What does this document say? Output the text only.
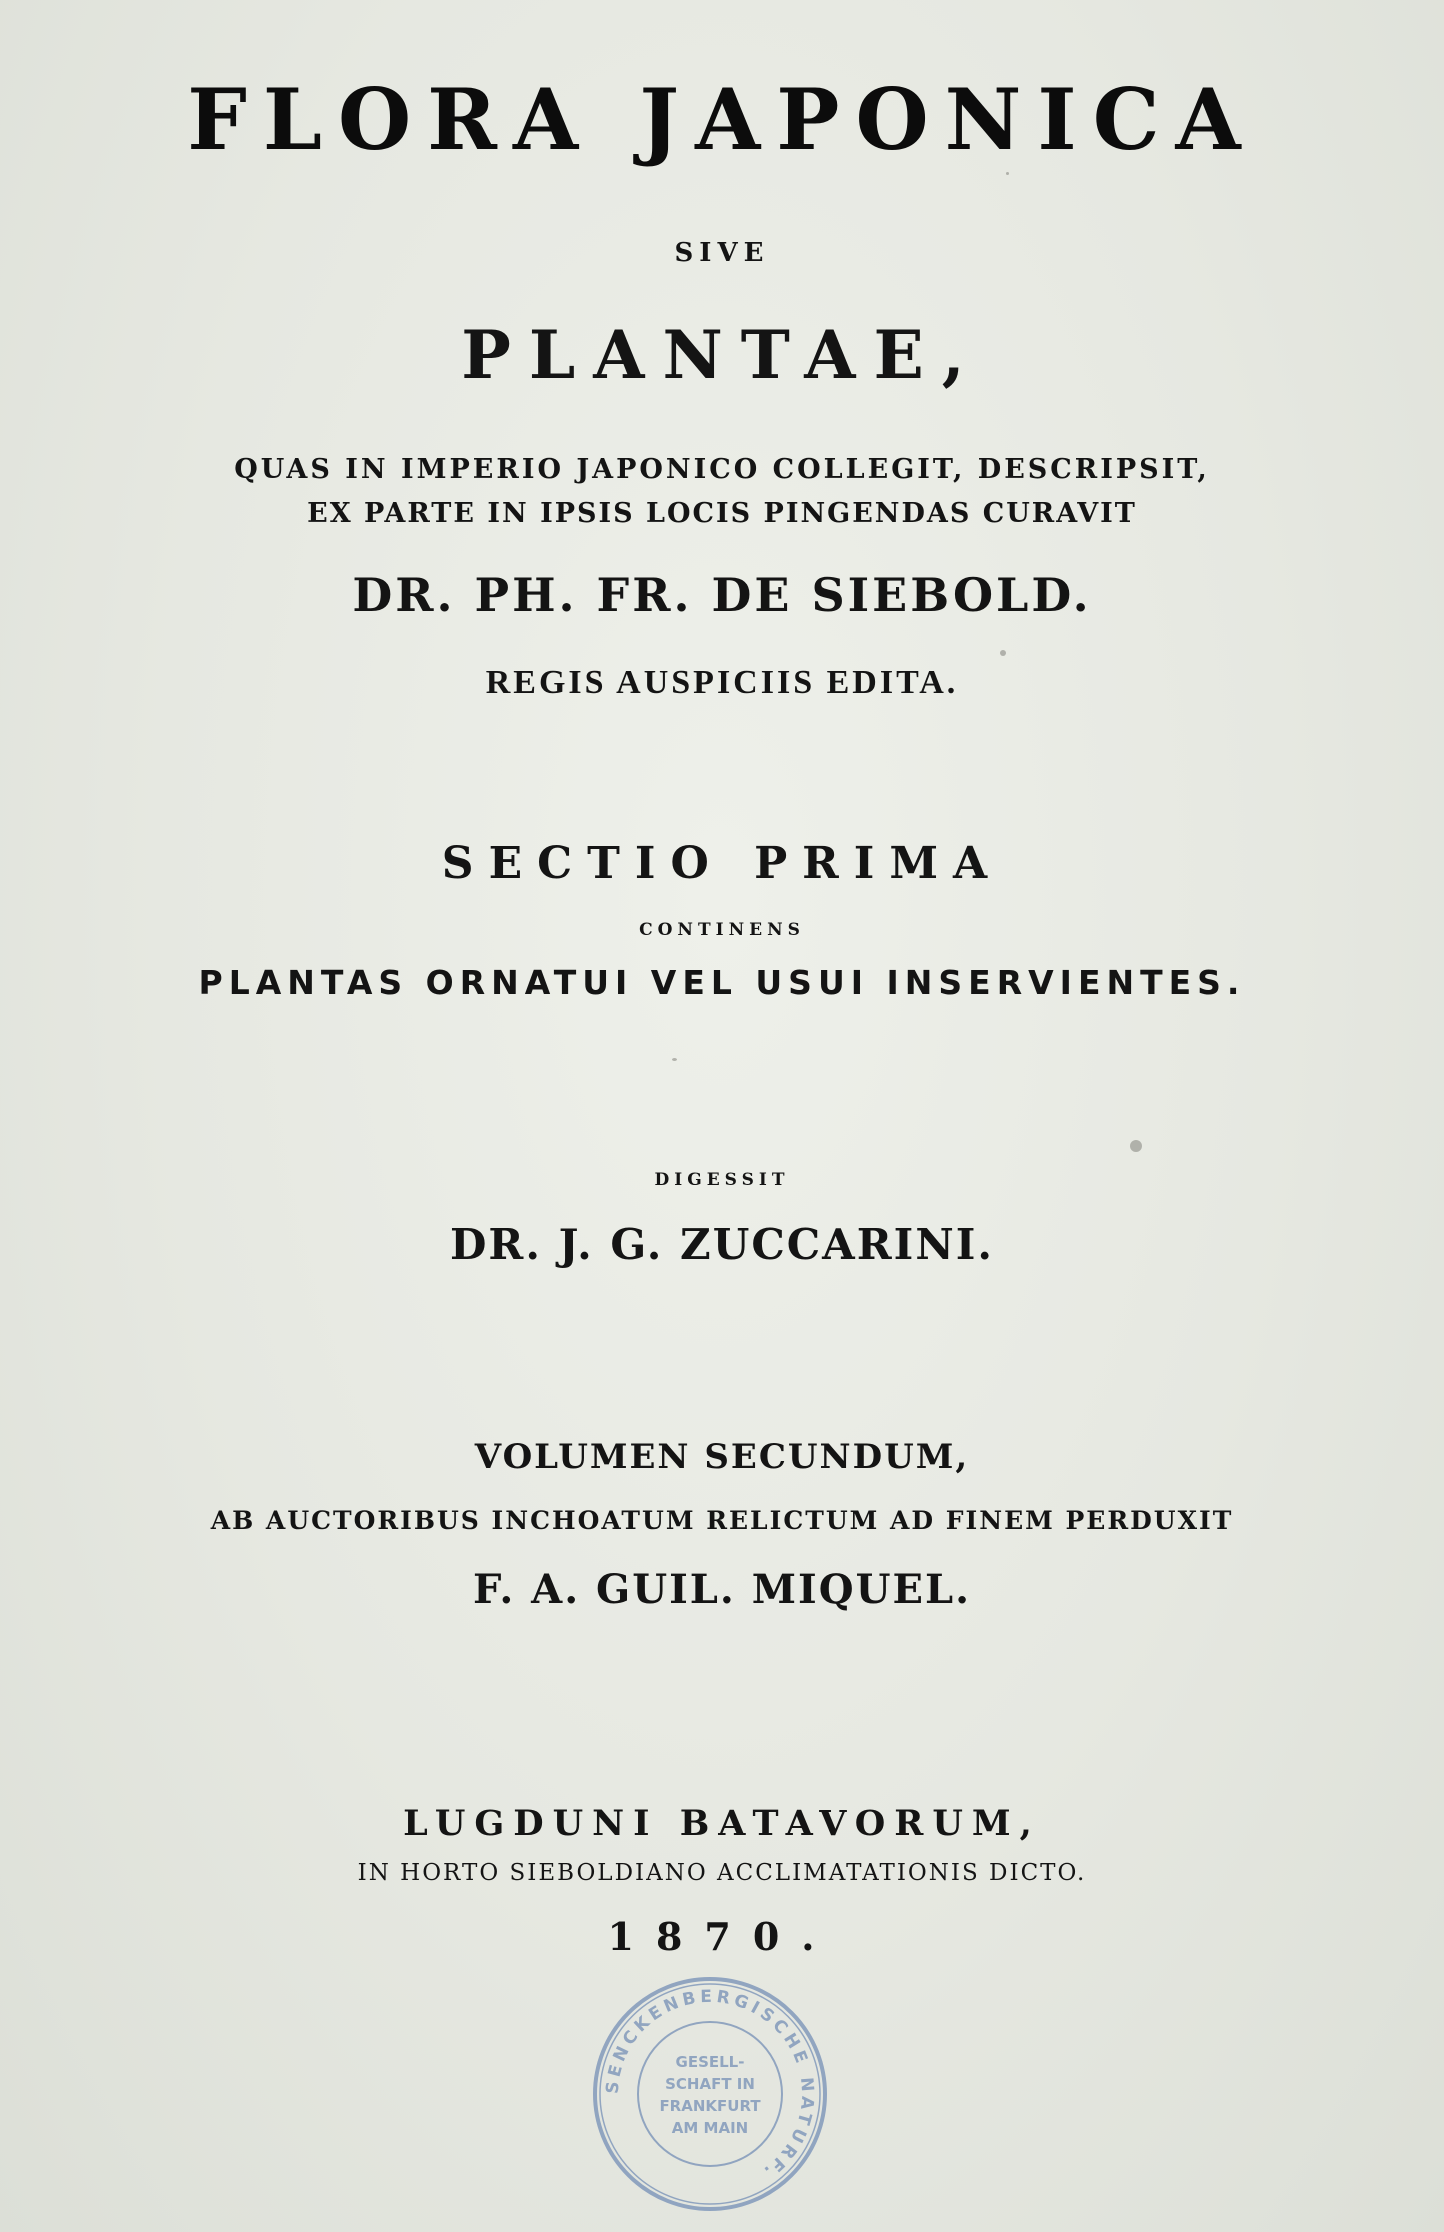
FLORA JAPONICA
SIVE
PLANTAE,
QUAS IN IMPERIO JAPONICO COLLEGIT, DESCRIPSIT,
EX PARTE IN IPSIS LOCIS PINGENDAS CURAVIT
DR. PH. FR. DE SIEBOLD.
REGIS AUSPICIIS EDITA.
SECTIO PRIMA
CONTINENS
PLANTAS ORNATUI VEL USUI INSERVIENTES.
DIGESSIT
DR. J. G. ZUCCARINI.
VOLUMEN SECUNDUM,
AB AUCTORIBUS INCHOATUM RELICTUM AD FINEM PERDUXIT
F. A. GUIL. MIQUEL.
LUGDUNI BATAVORUM,
IN HORTO SIEBOLDIANO ACCLIMATATIONIS DICTO.
1870.
SENCKENBERGISCHE NATURF.
GESELL-
SCHAFT IN
FRANKFURT
AM MAIN
